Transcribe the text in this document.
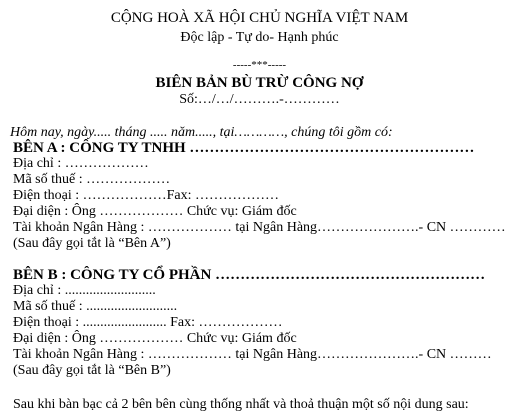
CỘNG HOÀ XÃ HỘI CHỦ NGHĨA VIỆT NAM
Độc lập - Tự do- Hạnh phúc
-----***-----
BIÊN BẢN BÙ TRỪ CÔNG NỢ
Số:…/…/……….-…………
Hôm nay, ngày..... tháng ..... năm....., tại…………, chúng tôi gồm có:
BÊN A : CÔNG TY TNHH …………………………………………………
Địa chỉ : ………………
Mã số thuế : ………………
Điện thoại : ………………Fax: ………………
Đại diện : Ông ……………… Chức vụ: Giám đốc
Tài khoản Ngân Hàng : ……………… tại Ngân Hàng………………….- CN …………
(Sau đây gọi tắt là “Bên A”)
BÊN B : CÔNG TY CỔ PHẦN ………………………………………………
Địa chỉ : ..........................
Mã số thuế : ..........................
Điện thoại : ........................ Fax: ………………
Đại diện : Ông ……………… Chức vụ: Giám đốc
Tài khoản Ngân Hàng : ……………… tại Ngân Hàng………………….- CN ………
(Sau đây gọi tắt là “Bên B”)
Sau khi bàn bạc cả 2 bên bên cùng thống nhất và thoả thuận một số nội dung sau:
